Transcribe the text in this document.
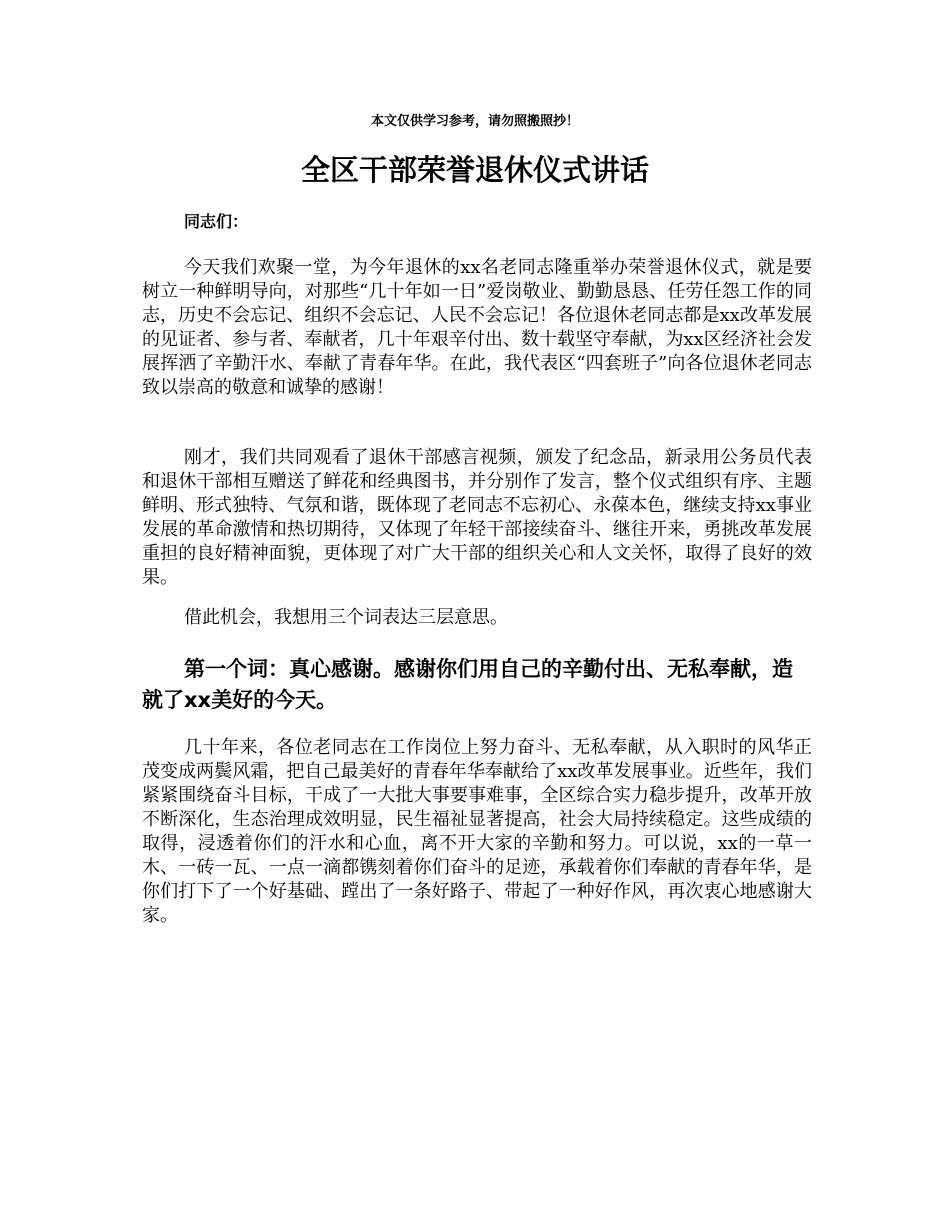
本文仅供学习参考，请勿照搬照抄！
全区干部荣誉退休仪式讲话

同志们：

今天我们欢聚一堂，为今年退休的xx名老同志隆重举办荣誉退休仪式，就是要树立一种鲜明导向，对那些“几十年如一日”爱岗敬业、勤勤恳恳、任劳任怨工作的同志，历史不会忘记、组织不会忘记、人民不会忘记！各位退休老同志都是xx改革发展的见证者、参与者、奉献者，几十年艰辛付出、数十载坚守奉献，为xx区经济社会发展挥洒了辛勤汗水、奉献了青春年华。在此，我代表区“四套班子”向各位退休老同志致以崇高的敬意和诚挚的感谢！

刚才，我们共同观看了退休干部感言视频，颁发了纪念品，新录用公务员代表和退休干部相互赠送了鲜花和经典图书，并分别作了发言，整个仪式组织有序、主题鲜明、形式独特、气氛和谐，既体现了老同志不忘初心、永葆本色，继续支持xx事业发展的革命激情和热切期待，又体现了年轻干部接续奋斗、继往开来，勇挑改革发展重担的良好精神面貌，更体现了对广大干部的组织关心和人文关怀，取得了良好的效果。

借此机会，我想用三个词表达三层意思。

第一个词：真心感谢。感谢你们用自己的辛勤付出、无私奉献，造就了xx美好的今天。

几十年来，各位老同志在工作岗位上努力奋斗、无私奉献，从入职时的风华正茂变成两鬓风霜，把自己最美好的青春年华奉献给了xx改革发展事业。近些年，我们紧紧围绕奋斗目标，干成了一大批大事要事难事，全区综合实力稳步提升，改革开放不断深化，生态治理成效明显，民生福祉显著提高，社会大局持续稳定。这些成绩的取得，浸透着你们的汗水和心血，离不开大家的辛勤和努力。可以说，xx的一草一木、一砖一瓦、一点一滴都镌刻着你们奋斗的足迹，承载着你们奉献的青春年华，是你们打下了一个好基础、蹚出了一条好路子、带起了一种好作风，再次衷心地感谢大家。
